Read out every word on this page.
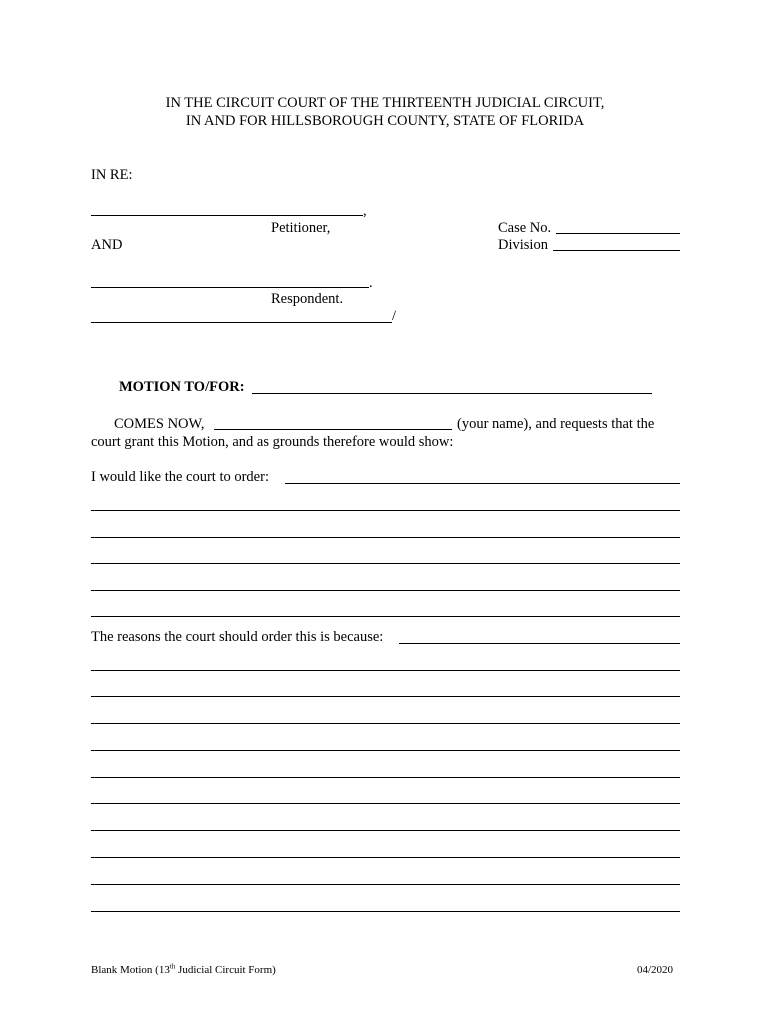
IN THE CIRCUIT COURT OF THE THIRTEENTH JUDICIAL CIRCUIT,
IN AND FOR HILLSBOROUGH COUNTY, STATE OF FLORIDA
IN RE:
,
Petitioner,
AND
Case No.
Division
.
Respondent.
/
MOTION TO/FOR:
COMES NOW,	(your name), and requests that the
court grant this Motion, and as grounds therefore would show:
I would like the court to order:
The reasons the court should order this is because:
Blank Motion (13th Judicial Circuit Form)	04/2020
